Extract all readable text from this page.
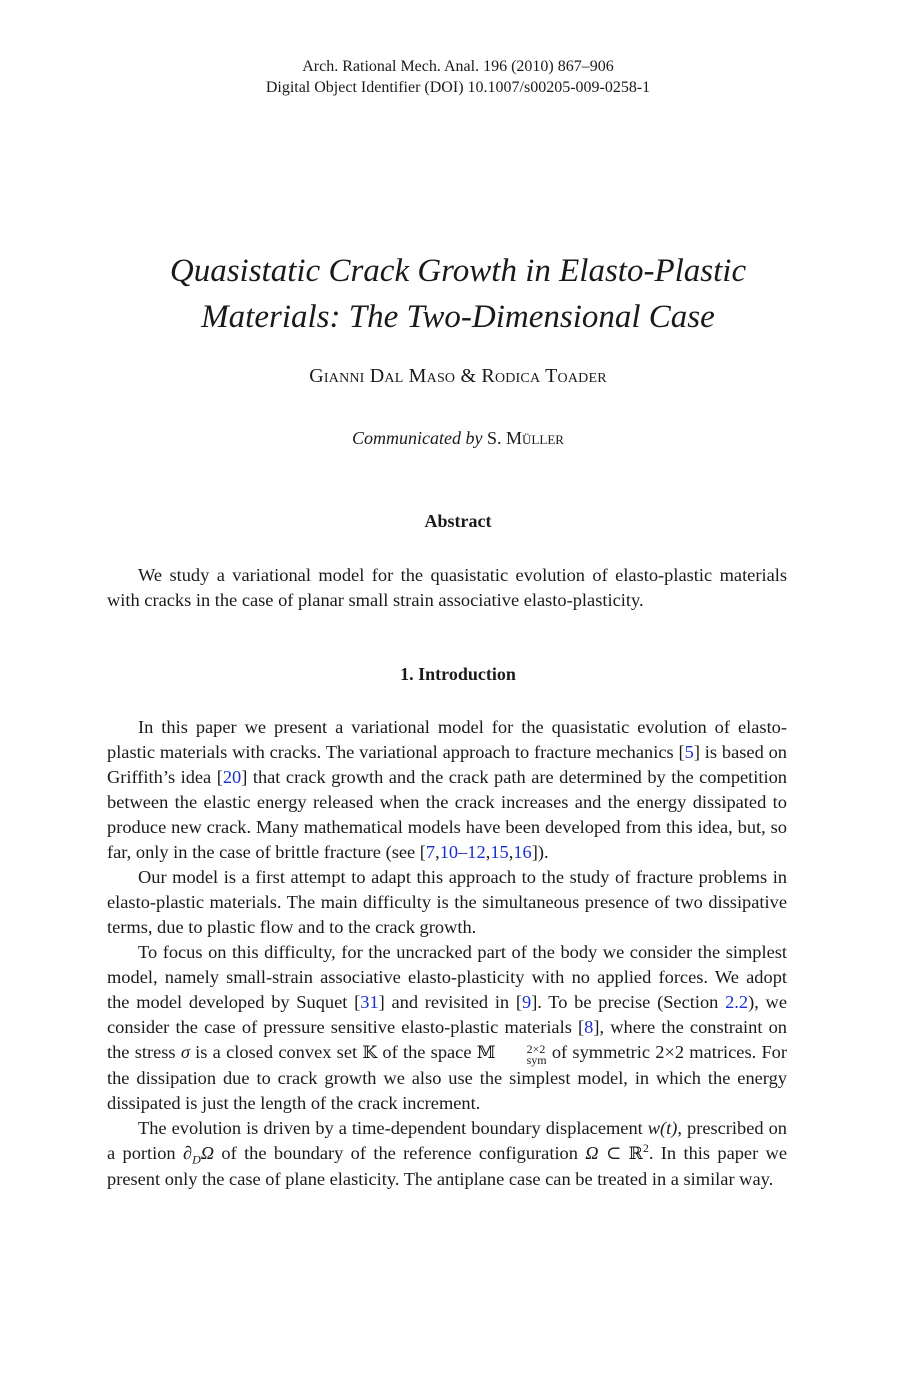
Arch. Rational Mech. Anal. 196 (2010) 867–906
Digital Object Identifier (DOI) 10.1007/s00205-009-0258-1
Quasistatic Crack Growth in Elasto-Plastic
Materials: The Two-Dimensional Case
Gianni Dal Maso & Rodica Toader
Communicated by S. Müller
Abstract

We study a variational model for the quasistatic evolution of elasto-plastic materials with cracks in the case of planar small strain associative elasto-plasticity.

1. Introduction

In this paper we present a variational model for the quasistatic evolution of elasto-plastic materials with cracks. The variational approach to fracture mechanics [5] is based on Griffith’s idea [20] that crack growth and the crack path are determined by the competition between the elastic energy released when the crack increases and the energy dissipated to produce new crack. Many mathematical models have been developed from this idea, but, so far, only in the case of brittle fracture (see [7,10–12,15,16]).

Our model is a first attempt to adapt this approach to the study of fracture problems in elasto-plastic materials. The main difficulty is the simultaneous presence of two dissipative terms, due to plastic flow and to the crack growth.

To focus on this difficulty, for the uncracked part of the body we consider the simplest model, namely small-strain associative elasto-plasticity with no applied forces. We adopt the model developed by Suquet [31] and revisited in [9]. To be precise (Section 2.2), we consider the case of pressure sensitive elasto-plastic materials [8], where the constraint on the stress σ is a closed convex set 𝕂 of the space 𝕄	2×2
sym of symmetric 2×2 matrices. For the dissipation due to crack growth we also use the simplest model, in which the energy dissipated is just the length of the crack increment.

The evolution is driven by a time-dependent boundary displacement w(t), prescribed on a portion $\partial_D\Omega$ of the boundary of the reference configuration Ω ⊂ ℝ$^2$. In this paper we present only the case of plane elasticity. The antiplane case can be treated in a similar way.
